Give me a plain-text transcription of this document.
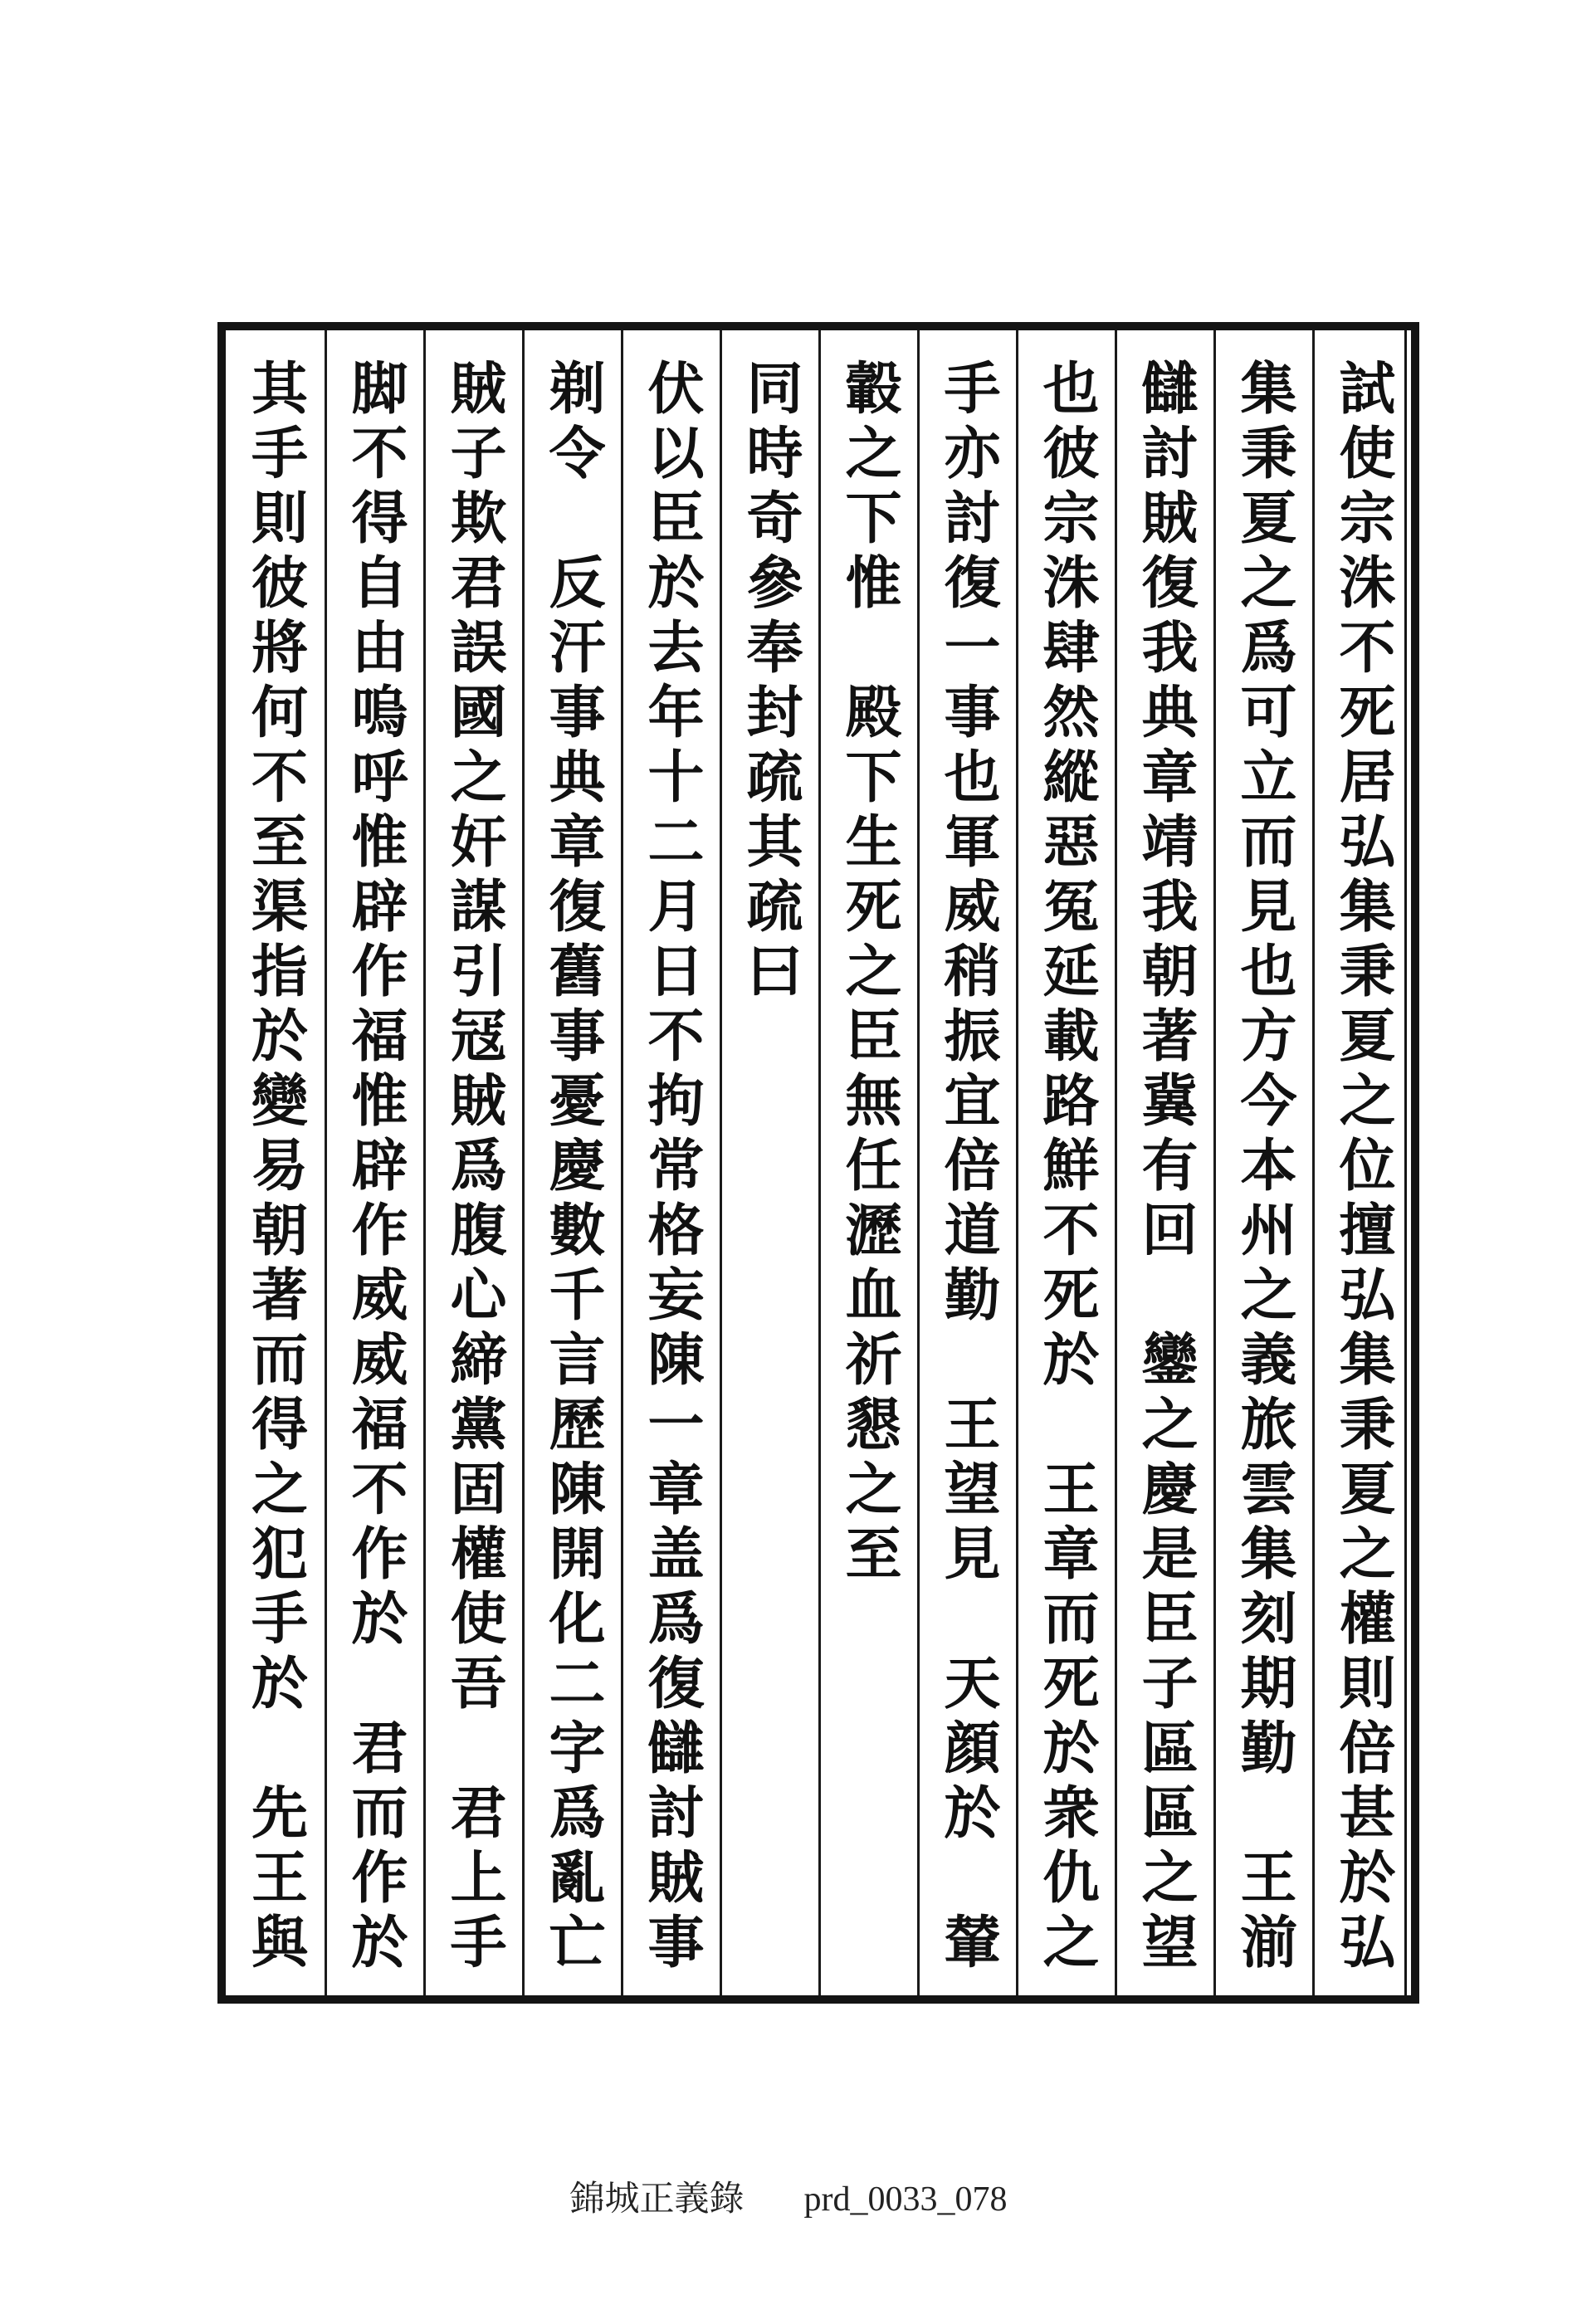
試使宗洙不死居弘集秉夏之位擅弘集秉夏之權則倍甚於弘
集秉夏之爲可立而見也方今本州之義旅雲集刻期勤　王湔
讎討賊復我典章靖我朝著冀有回　鑾之慶是臣子區區之望
也彼宗洙肆然縱惡冤延載路鮮不死於　王章而死於衆仇之
手亦討復一事也軍威稍振宜倍道勤　王望見　天顔於　輦
轂之下惟　殿下生死之臣無任瀝血祈懇之至
同時奇參奉封疏其疏曰
伏以臣於去年十二月日不拘常格妄陳一章盖爲復讎討賊事
剃令　反汗事典章復舊事憂慶數千言歷陳開化二字爲亂亡
賊子欺君誤國之奸謀引冦賊爲腹心締黨固權使吾　君上手
脚不得自由嗚呼惟辟作福惟辟作威威福不作於　君而作於
其手則彼將何不至渠指於變易朝著而得之犯手於　先王與
錦城正義錄 prd_0033_078
